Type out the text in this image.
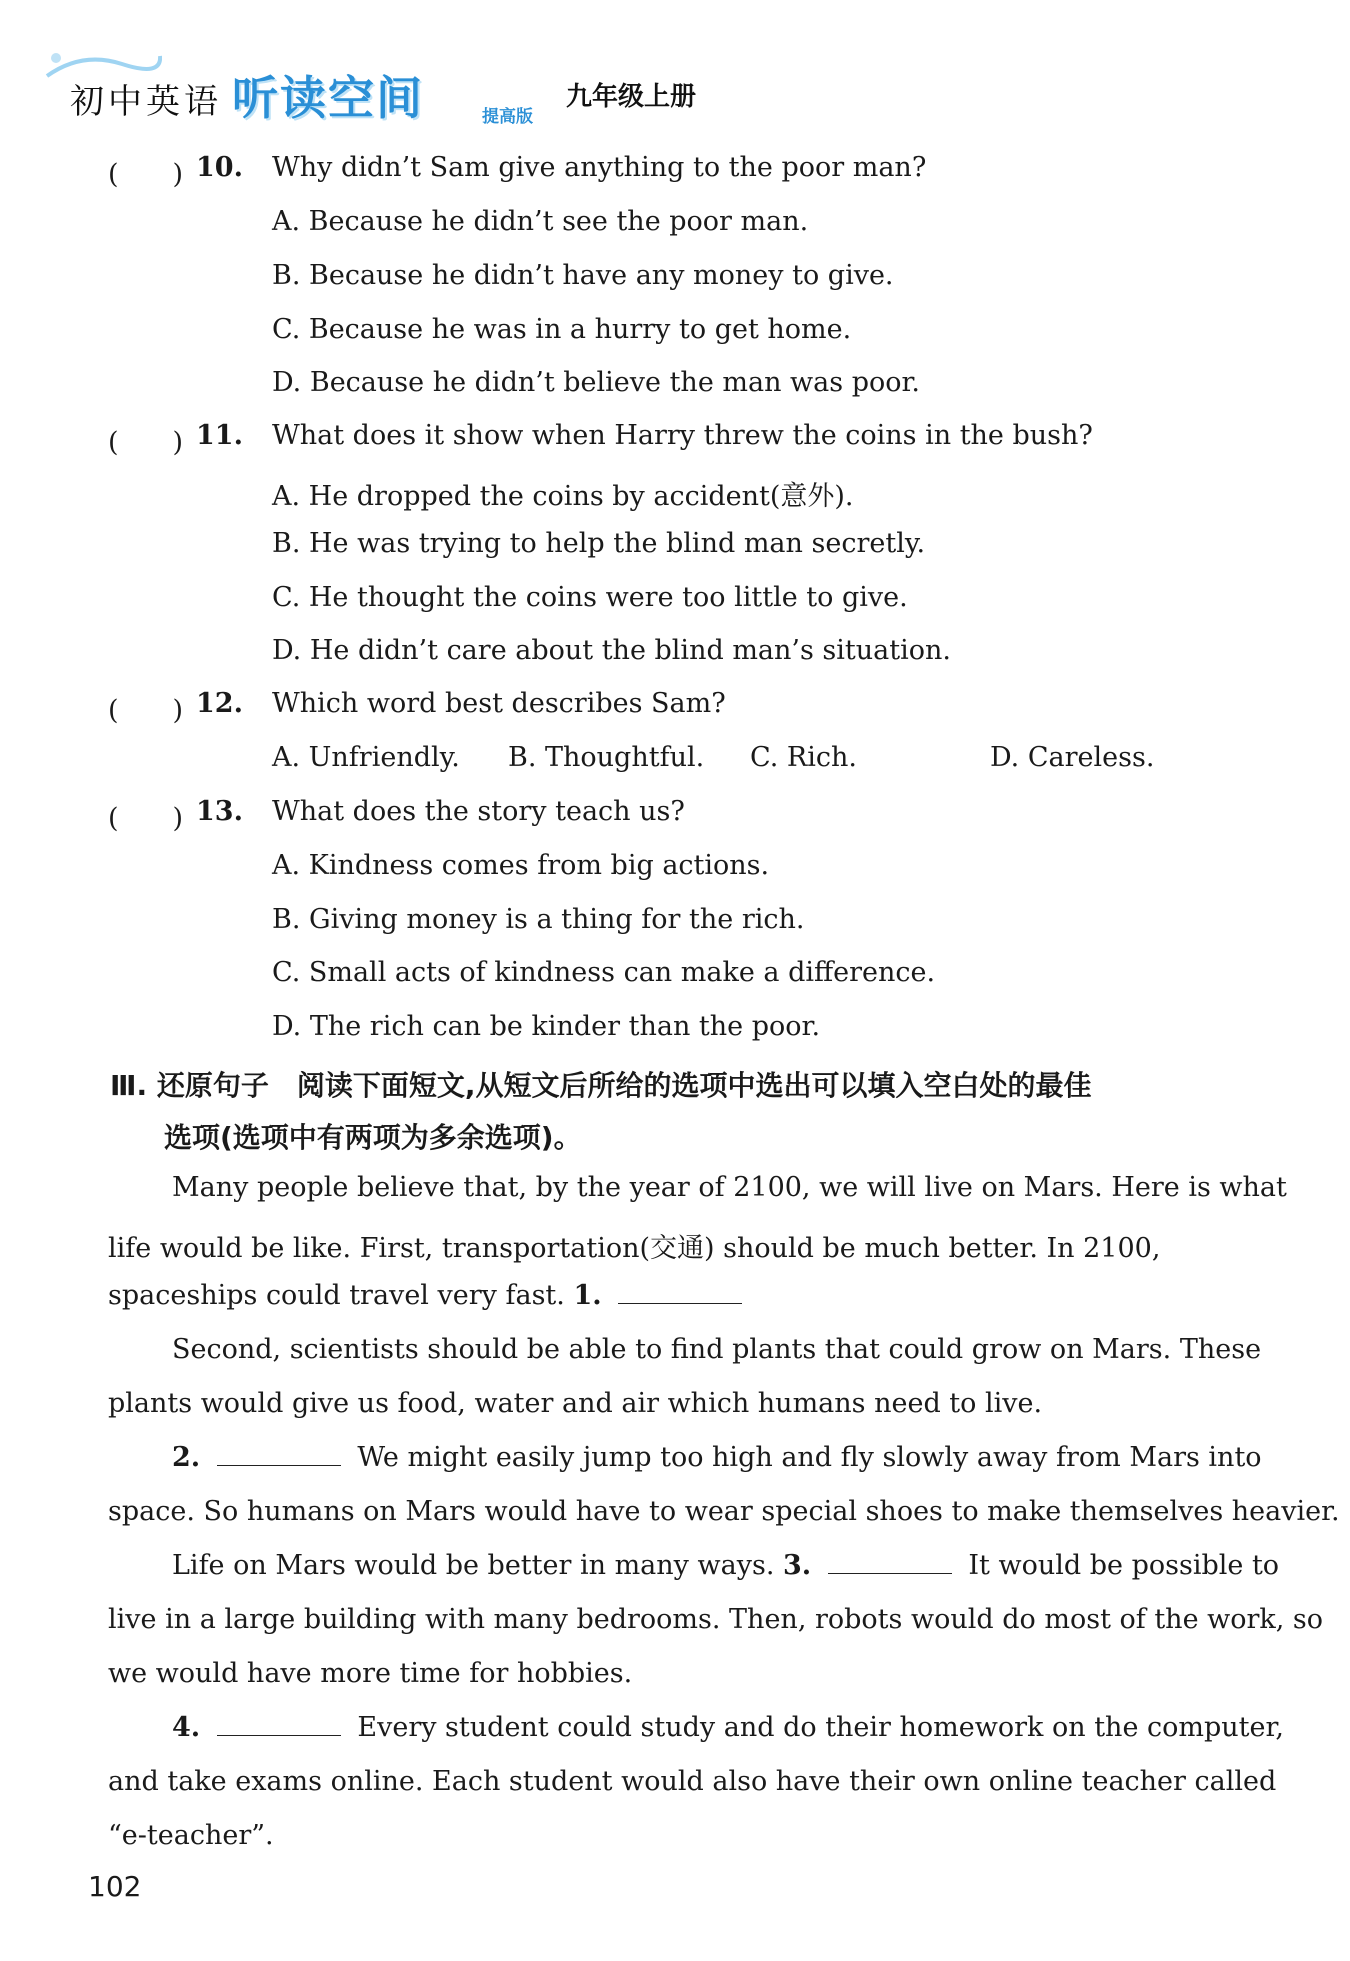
初中英语 听读空间	提高版
九年级上册
(　　) 10. Why didn’t Sam give anything to the poor man?
A. Because he didn’t see the poor man.
B. Because he didn’t have any money to give.
C. Because he was in a hurry to get home.
D. Because he didn’t believe the man was poor.
(　　) 11. What does it show when Harry threw the coins in the bush?
A. He dropped the coins by accident(意外).
B. He was trying to help the blind man secretly.
C. He thought the coins were too little to give.
D. He didn’t care about the blind man’s situation.
(　　) 12. Which word best describes Sam?
A. Unfriendly. B. Thoughtful. C. Rich.	D. Careless.
(　　) 13. What does the story teach us?
A. Kindness comes from big actions.
B. Giving money is a thing for the rich.
C. Small acts of kindness can make a difference.
D. The rich can be kinder than the poor.
Ⅲ. 还原句子　阅读下面短文,从短文后所给的选项中选出可以填入空白处的最佳
选项(选项中有两项为多余选项)。
Many people believe that, by the year of 2100, we will live on Mars. Here is what
life would be like. First, transportation(交通) should be much better. In 2100,
spaceships could travel very fast. 1.
Second, scientists should be able to find plants that could grow on Mars. These
plants would give us food, water and air which humans need to live.
2.	We might easily jump too high and fly slowly away from Mars into
space. So humans on Mars would have to wear special shoes to make themselves heavier.
Life on Mars would be better in many ways. 3.	It would be possible to
live in a large building with many bedrooms. Then, robots would do most of the work, so
we would have more time for hobbies.
4.	Every student could study and do their homework on the computer,
and take exams online. Each student would also have their own online teacher called
“e-teacher”.
102
